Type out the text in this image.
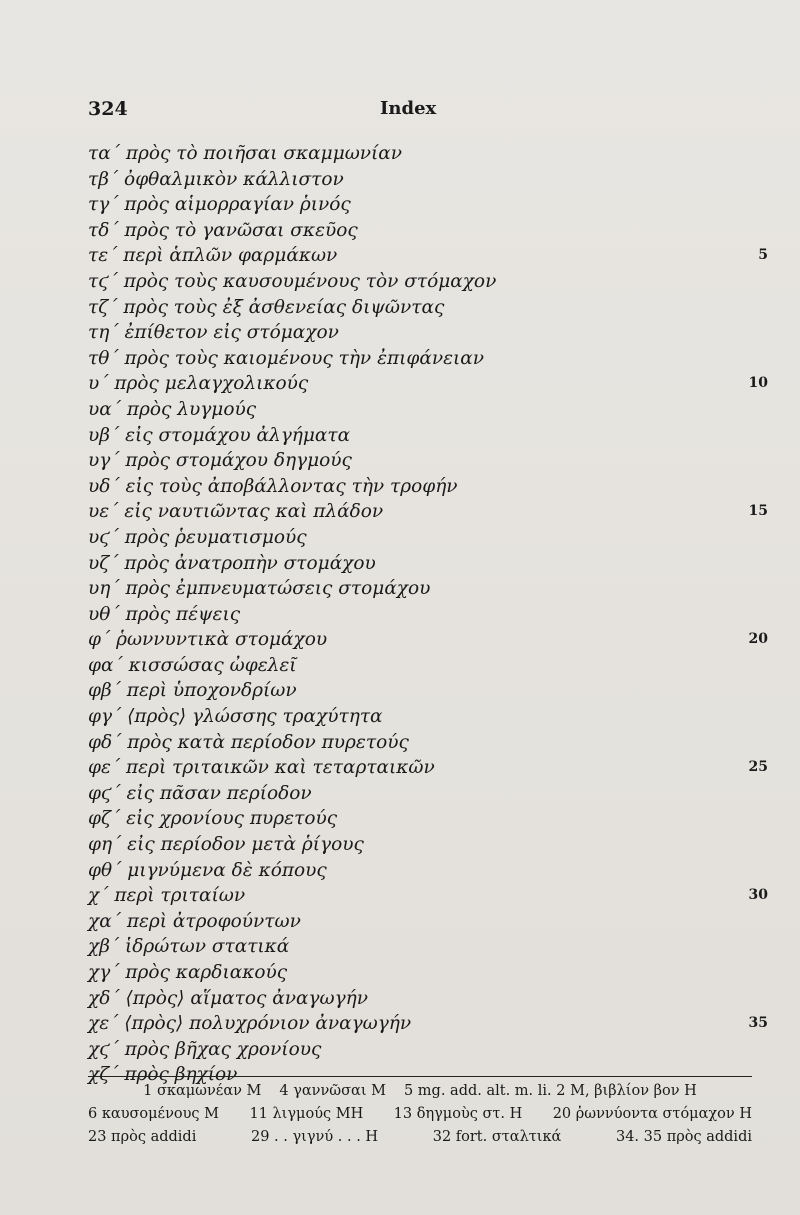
324	Index
τα΄ πρὸς τὸ ποιῆσαι σκαμμωνίαν
τβ΄ ὀφθαλμικὸν κάλλιστον
τγ΄ πρὸς αἱμορραγίαν ῥινός
τδ΄ πρὸς τὸ γανῶσαι σκεῦος
τε΄ περὶ ἁπλῶν φαρμάκων	5
τϛ΄ πρὸς τοὺς καυσουμένους τὸν στόμαχον
τζ΄ πρὸς τοὺς ἐξ ἀσθενείας διψῶντας
τη΄ ἐπίθετον εἰς στόμαχον
τθ΄ πρὸς τοὺς καιομένους τὴν ἐπιφάνειαν
υ΄ πρὸς μελαγχολικούς	10
υα΄ πρὸς λυγμούς
υβ΄ εἰς στομάχου ἀλγήματα
υγ΄ πρὸς στομάχου δηγμούς
υδ΄ εἰς τοὺς ἀποβάλλοντας τὴν τροφήν
υε΄ εἰς ναυτιῶντας καὶ πλάδον	15
υϛ΄ πρὸς ῥευματισμούς
υζ΄ πρὸς ἀνατροπὴν στομάχου
υη΄ πρὸς ἐμπνευματώσεις στομάχου
υθ΄ πρὸς πέψεις
φ΄ ῥωννυντικὰ στομάχου	20
φα΄ κισσώσας ὠφελεῖ
φβ΄ περὶ ὑποχονδρίων
φγ΄ ⟨πρὸς⟩ γλώσσης τραχύτητα
φδ΄ πρὸς κατὰ περίοδον πυρετούς
φε΄ περὶ τριταικῶν καὶ τεταρταικῶν	25
φϛ΄ εἰς πᾶσαν περίοδον
φζ΄ εἰς χρονίους πυρετούς
φη΄ εἰς περίοδον μετὰ ῥίγους
φθ΄ μιγνύμενα δὲ κόπους
χ΄ περὶ τριταίων	30
χα΄ περὶ ἀτροφούντων
χβ΄ ἱδρώτων στατικά
χγ΄ πρὸς καρδιακούς
χδ΄ ⟨πρὸς⟩ αἵματος ἀναγωγήν
χε΄ ⟨πρὸς⟩ πολυχρόνιον ἀναγωγήν	35
χϛ΄ πρὸς βῆχας χρονίους
χζ΄ πρὸς βηχίον
1 σκαμωνέαν M 4 γαννῶσαι M 5 mg. add. alt. m. li. 2 M, βιβλίον βον H
6 καυσομένους M 11 λιγμούς MH 13 δηγμοὺς στ. H 20 ῥωννύοντα στόμαχον H
23 πρὸς addidi	29 . . γιγνύ . . . H	32 fort. σταλτικά	34. 35 πρὸς addidi
